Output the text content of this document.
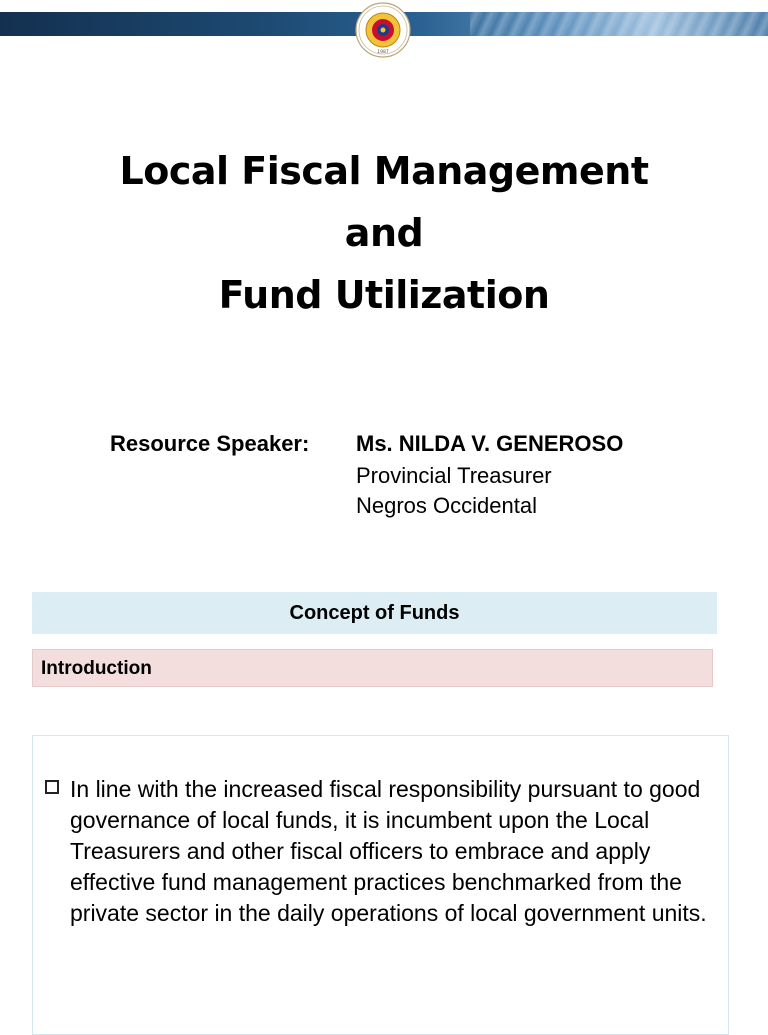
1987
Local Fiscal Management
and
Fund Utilization
Resource Speaker: Ms. NILDA V. GENEROSO
Provincial Treasurer
Negros Occidental
Concept of Funds
Introduction
In line with the increased fiscal responsibility pursuant to good governance of local funds, it is incumbent upon the Local Treasurers and other fiscal officers to embrace and apply effective fund management practices benchmarked from the private sector in the daily operations of local government units.
